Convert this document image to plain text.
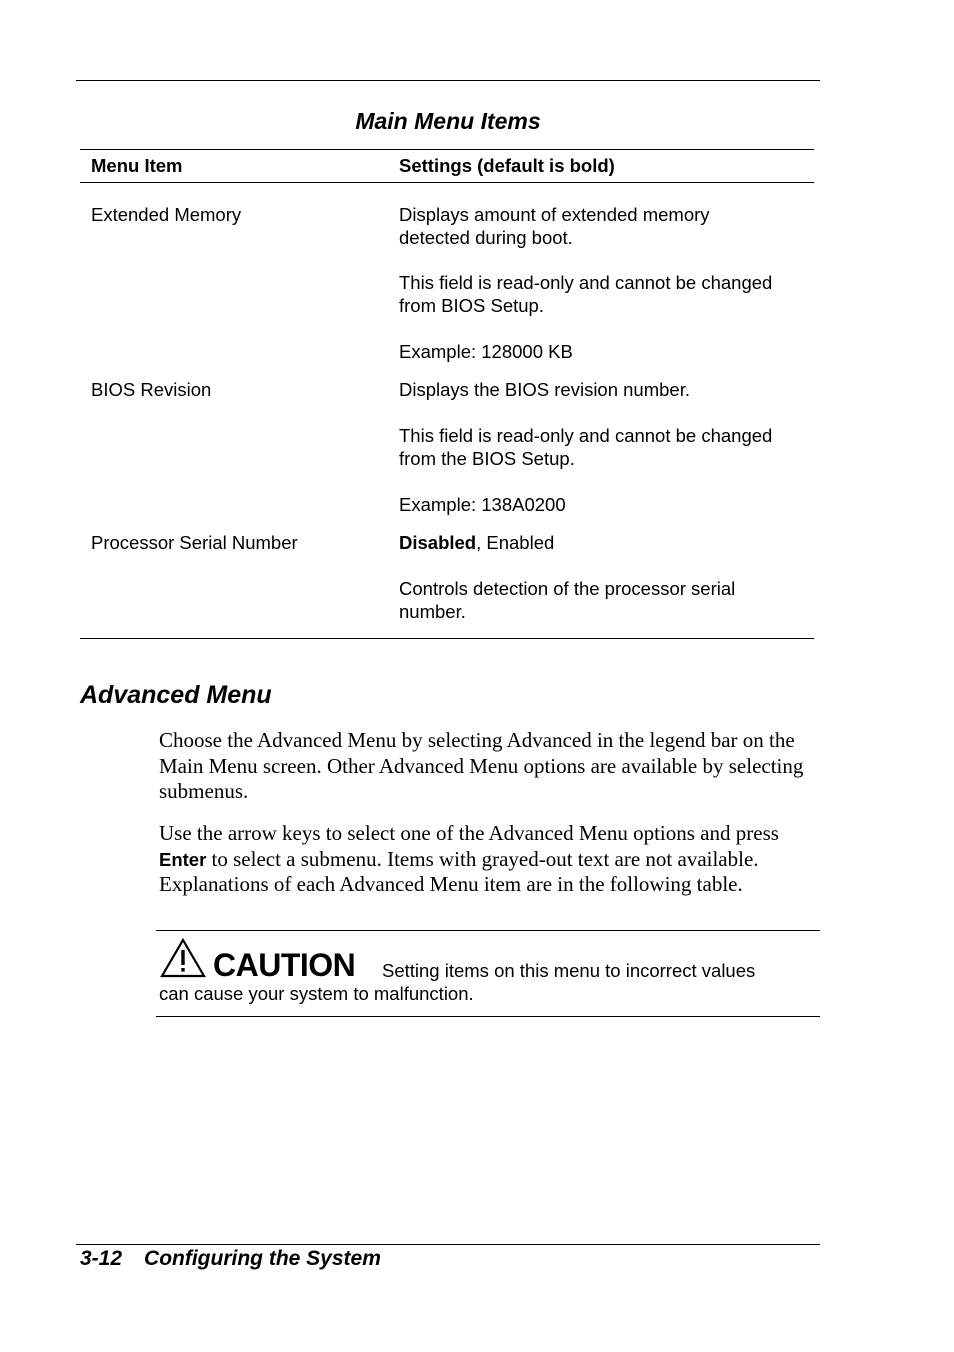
Main Menu Items
Menu Item	Settings (default is bold)
Extended Memory	Displays amount of extended memory
detected during boot.
This field is read-only and cannot be changed
from BIOS Setup.
Example: 128000 KB
BIOS Revision	Displays the BIOS revision number.
This field is read-only and cannot be changed
from the BIOS Setup.
Example: 138A0200
Processor Serial Number	Disabled, Enabled
Controls detection of the processor serial
number.
Advanced Menu
Choose the Advanced Menu by selecting Advanced in the legend bar on the Main Menu screen. Other Advanced Menu options are available by selecting submenus.
Use the arrow keys to select one of the Advanced Menu options and press Enter to select a submenu. Items with grayed-out text are not available. Explanations of each Advanced Menu item are in the following table.
CAUTION Setting items on this menu to incorrect values
can cause your system to malfunction.
3-12 Configuring the System
